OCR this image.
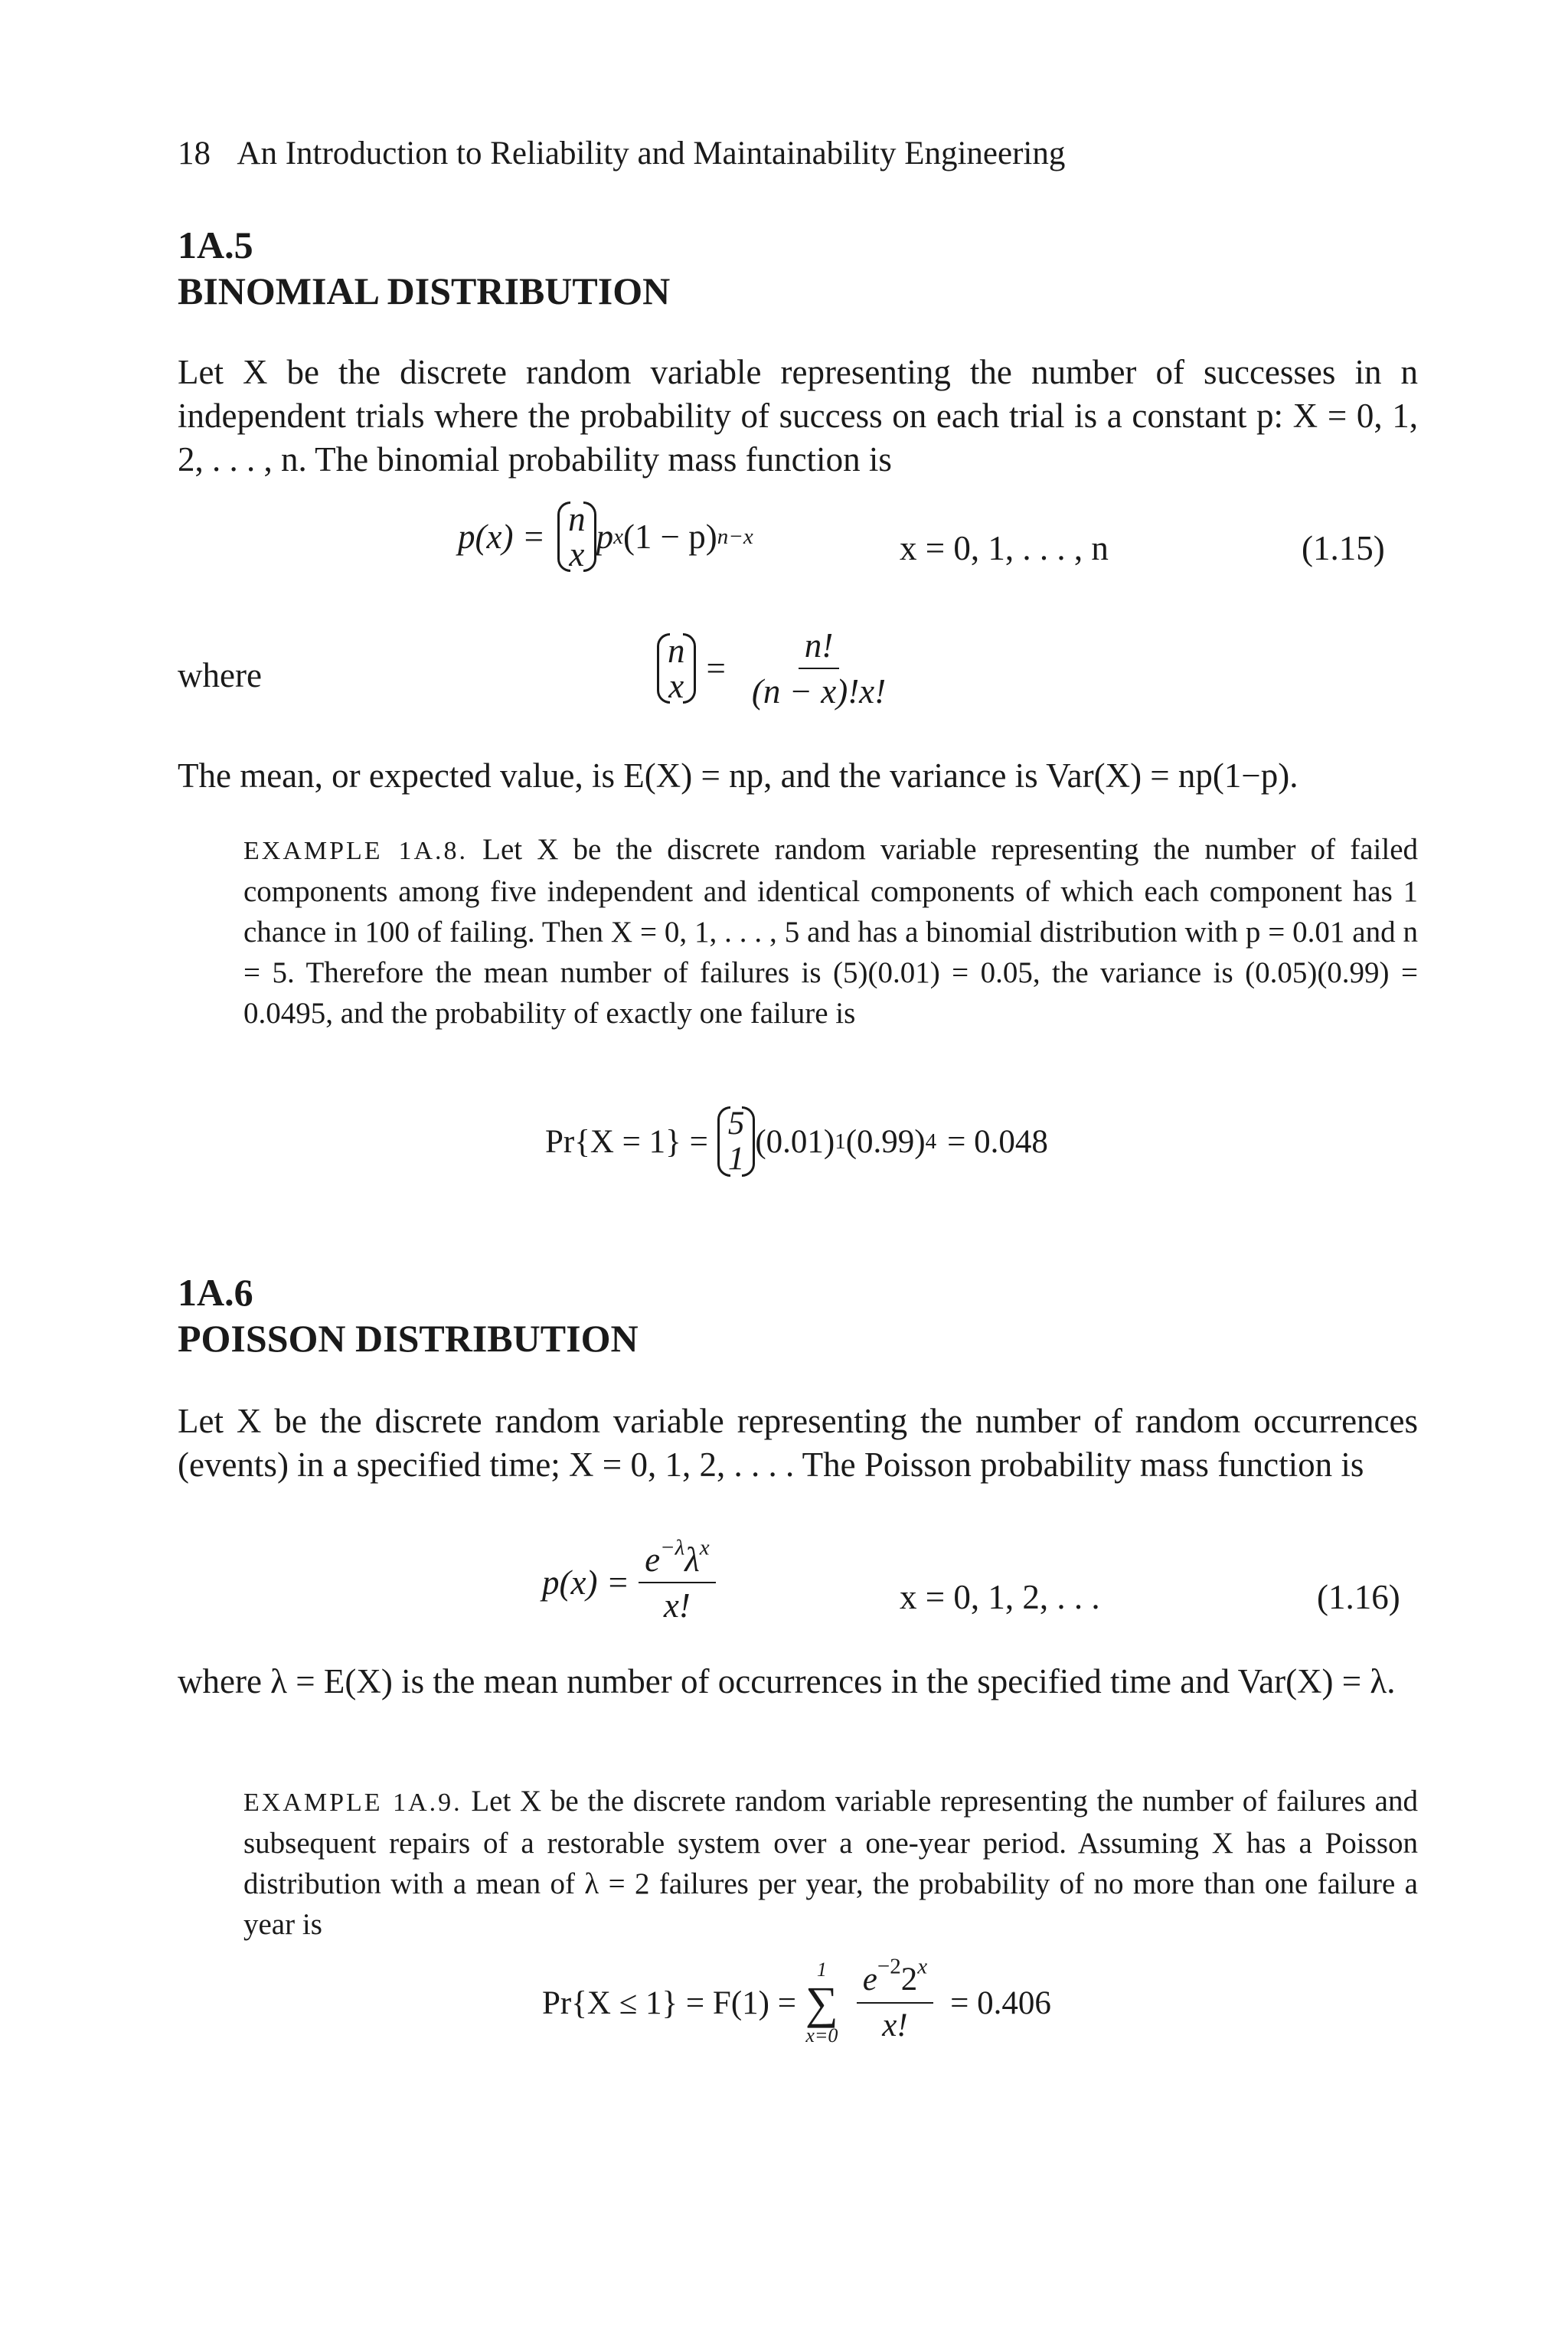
18 An Introduction to Reliability and Maintainability Engineering
1A.5
BINOMIAL DISTRIBUTION
Let X be the discrete random variable representing the number of successes in n independent trials where the probability of success on each trial is a constant p: X = 0, 1, 2, . . . , n. The binomial probability mass function is
p(x) = n
x p x (1 − p) n−x	x = 0, 1, . . . , n	(1.15)
where
n
$x = \frac{n!}{(n - x)!x!}$
The mean, or expected value, is E(X) = np, and the variance is Var(X) = np(1−p).
EXAMPLE 1A.8. Let X be the discrete random variable representing the number of failed components among five independent and identical components of which each component has 1 chance in 100 of failing. Then X = 0, 1, . . . , 5 and has a binomial distribution with p = 0.01 and n = 5. Therefore the mean number of failures is (5)(0.01) = 0.05, the variance is (0.05)(0.99) = 0.0495, and the probability of exactly one failure is
Pr{X = 1} = 5
1 (0.01) 1 (0.99) 4 = 0.048
1A.6
POISSON DISTRIBUTION
Let X be the discrete random variable representing the number of random occurrences (events) in a specified time; X = 0, 1, 2, . . . . The Poisson probability mass function is
$p(x) = \frac{e^{-\lambda}\lambda^x}{x!}$	x = 0, 1, 2, . . .	(1.16)
where λ = E(X) is the mean number of occurrences in the specified time and Var(X) = λ.
EXAMPLE 1A.9. Let X be the discrete random variable representing the number of failures and subsequent repairs of a restorable system over a one-year period. Assuming X has a Poisson distribution with a mean of λ = 2 failures per year, the probability of no more than one failure a year is
Pr{X ≤ 1} = F(1) =
1
∑
$x=0 \frac{e^{-2}2^x}{x!} = 0.406$
